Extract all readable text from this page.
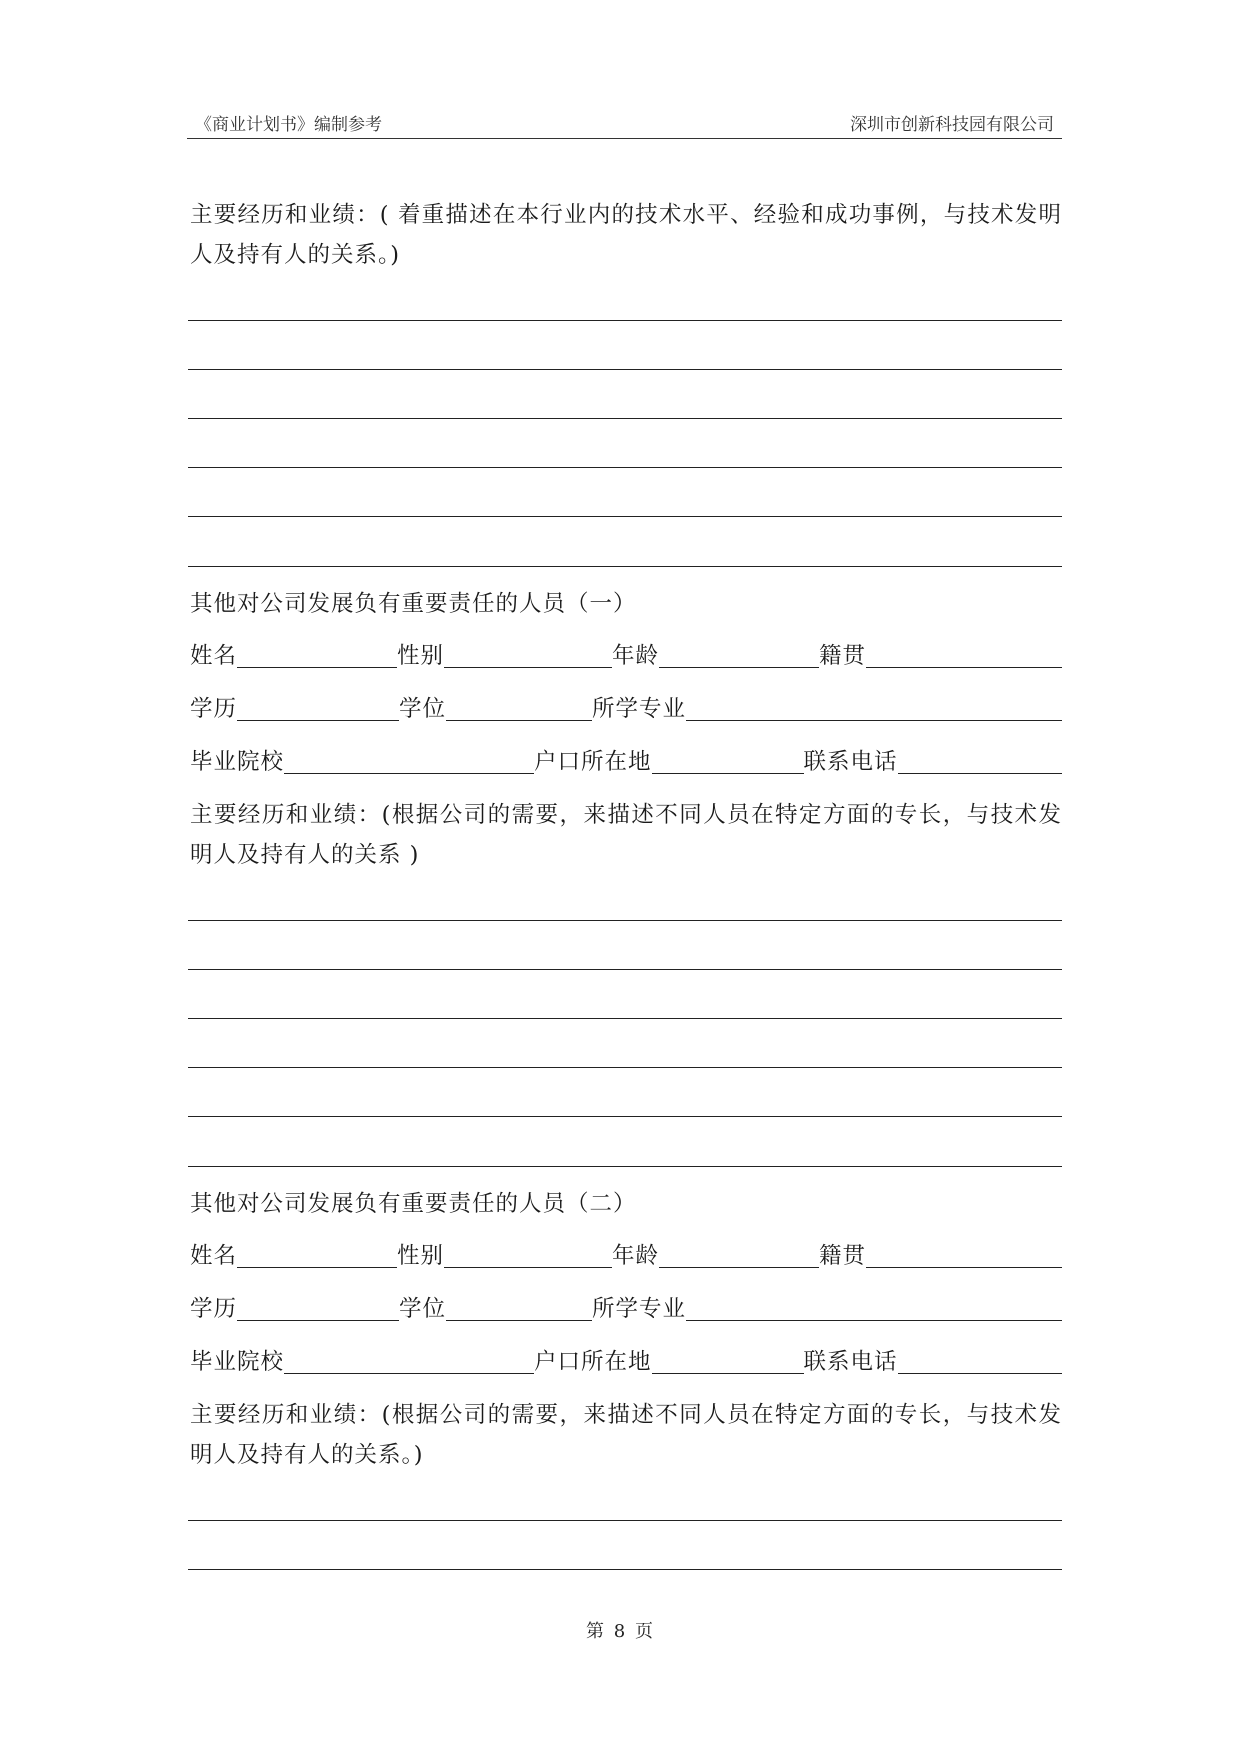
《商业计划书》编制参考	深圳市创新科技园有限公司
主要经历和业绩：( 着重描述在本行业内的技术水平、经验和成功事例，与技术发明人及持有人的关系。)
其他对公司发展负有重要责任的人员（一）
姓名	性别	年龄	籍贯
学历	学位	所学专业
毕业院校	户口所在地	联系电话
主要经历和业绩：(根据公司的需要，来描述不同人员在特定方面的专长，与技术发明人及持有人的关系 )
其他对公司发展负有重要责任的人员（二）
姓名	性别	年龄	籍贯
学历	学位	所学专业
毕业院校	户口所在地	联系电话
主要经历和业绩：(根据公司的需要，来描述不同人员在特定方面的专长，与技术发明人及持有人的关系。)
第 8 页
